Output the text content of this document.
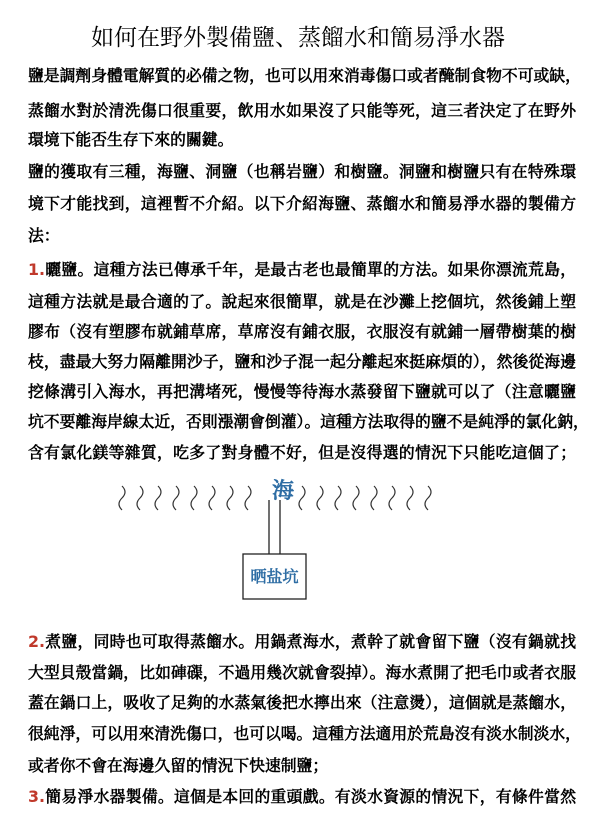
如何在野外製備鹽、蒸餾水和簡易淨水器
鹽是調劑身體電解質的必備之物，也可以用來消毒傷口或者醃制食物不可或缺，
蒸餾水對於清洗傷口很重要，飲用水如果沒了只能等死，這三者決定了在野外
環境下能否生存下來的關鍵。
鹽的獲取有三種，海鹽、洞鹽（也稱岩鹽）和樹鹽。洞鹽和樹鹽只有在特殊環
境下才能找到，這裡暫不介紹。以下介紹海鹽、蒸餾水和簡易淨水器的製備方
法：
1.曬鹽。這種方法已傳承千年，是最古老也最簡單的方法。如果你漂流荒島，
這種方法就是最合適的了。說起來很簡單，就是在沙灘上挖個坑，然後鋪上塑
膠布（沒有塑膠布就鋪草席，草席沒有鋪衣服，衣服沒有就鋪一層帶樹葉的樹
枝，盡最大努力隔離開沙子，鹽和沙子混一起分離起來挺麻煩的），然後從海邊
挖條溝引入海水，再把溝堵死，慢慢等待海水蒸發留下鹽就可以了（注意曬鹽
坑不要離海岸線太近，否則漲潮會倒灌）。這種方法取得的鹽不是純淨的氯化鈉，
含有氯化鎂等雜質，吃多了對身體不好，但是沒得選的情況下只能吃這個了；
海
晒盐坑
2.煮鹽，同時也可取得蒸餾水。用鍋煮海水，煮幹了就會留下鹽（沒有鍋就找
大型貝殼當鍋，比如硨磲，不過用幾次就會裂掉）。海水煮開了把毛巾或者衣服
蓋在鍋口上，吸收了足夠的水蒸氣後把水擰出來（注意燙），這個就是蒸餾水，
很純淨，可以用來清洗傷口，也可以喝。這種方法適用於荒島沒有淡水制淡水，
或者你不會在海邊久留的情況下快速制鹽；
3.簡易淨水器製備。這個是本回的重頭戲。有淡水資源的情況下，有條件當然
